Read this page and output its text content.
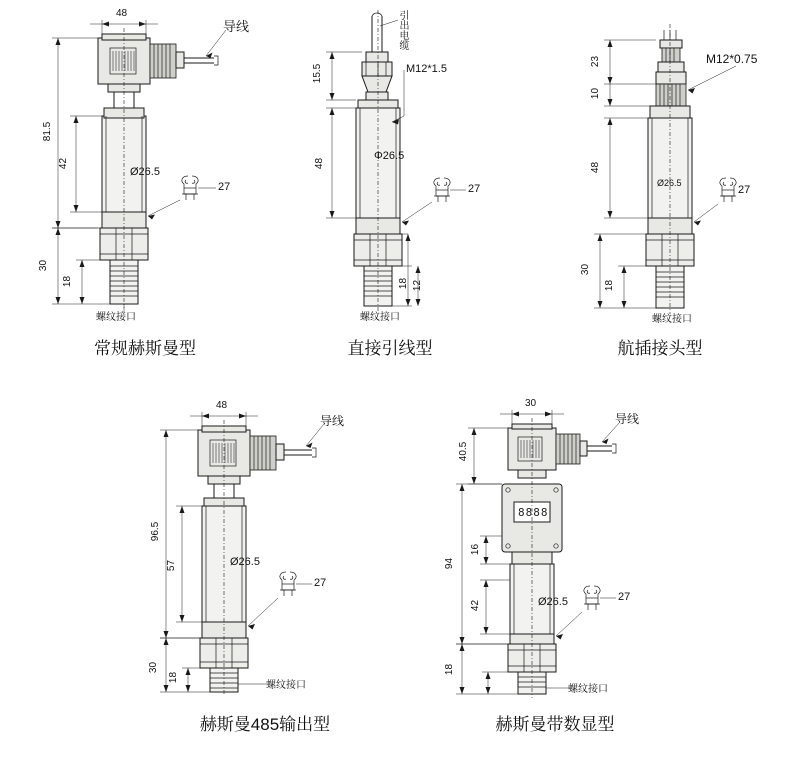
48
81.5
42
30
18
Ø26.5
27
导线
螺纹接口
常规赫斯曼型
15.5
48
18 12
Φ26.5
M12*1.5
引出电缆
27
螺纹接口
直接引线型
23
10
48
30
18
Ø26.5
M12*0.75
27
螺纹接口
航插接头型
48
96.5
57
30
18
Ø26.5
27
导线
螺纹接口
赫斯曼485输出型
8888
30
40.5
94
16
42
18
Ø26.5	27
导线
螺纹接口
赫斯曼带数显型
